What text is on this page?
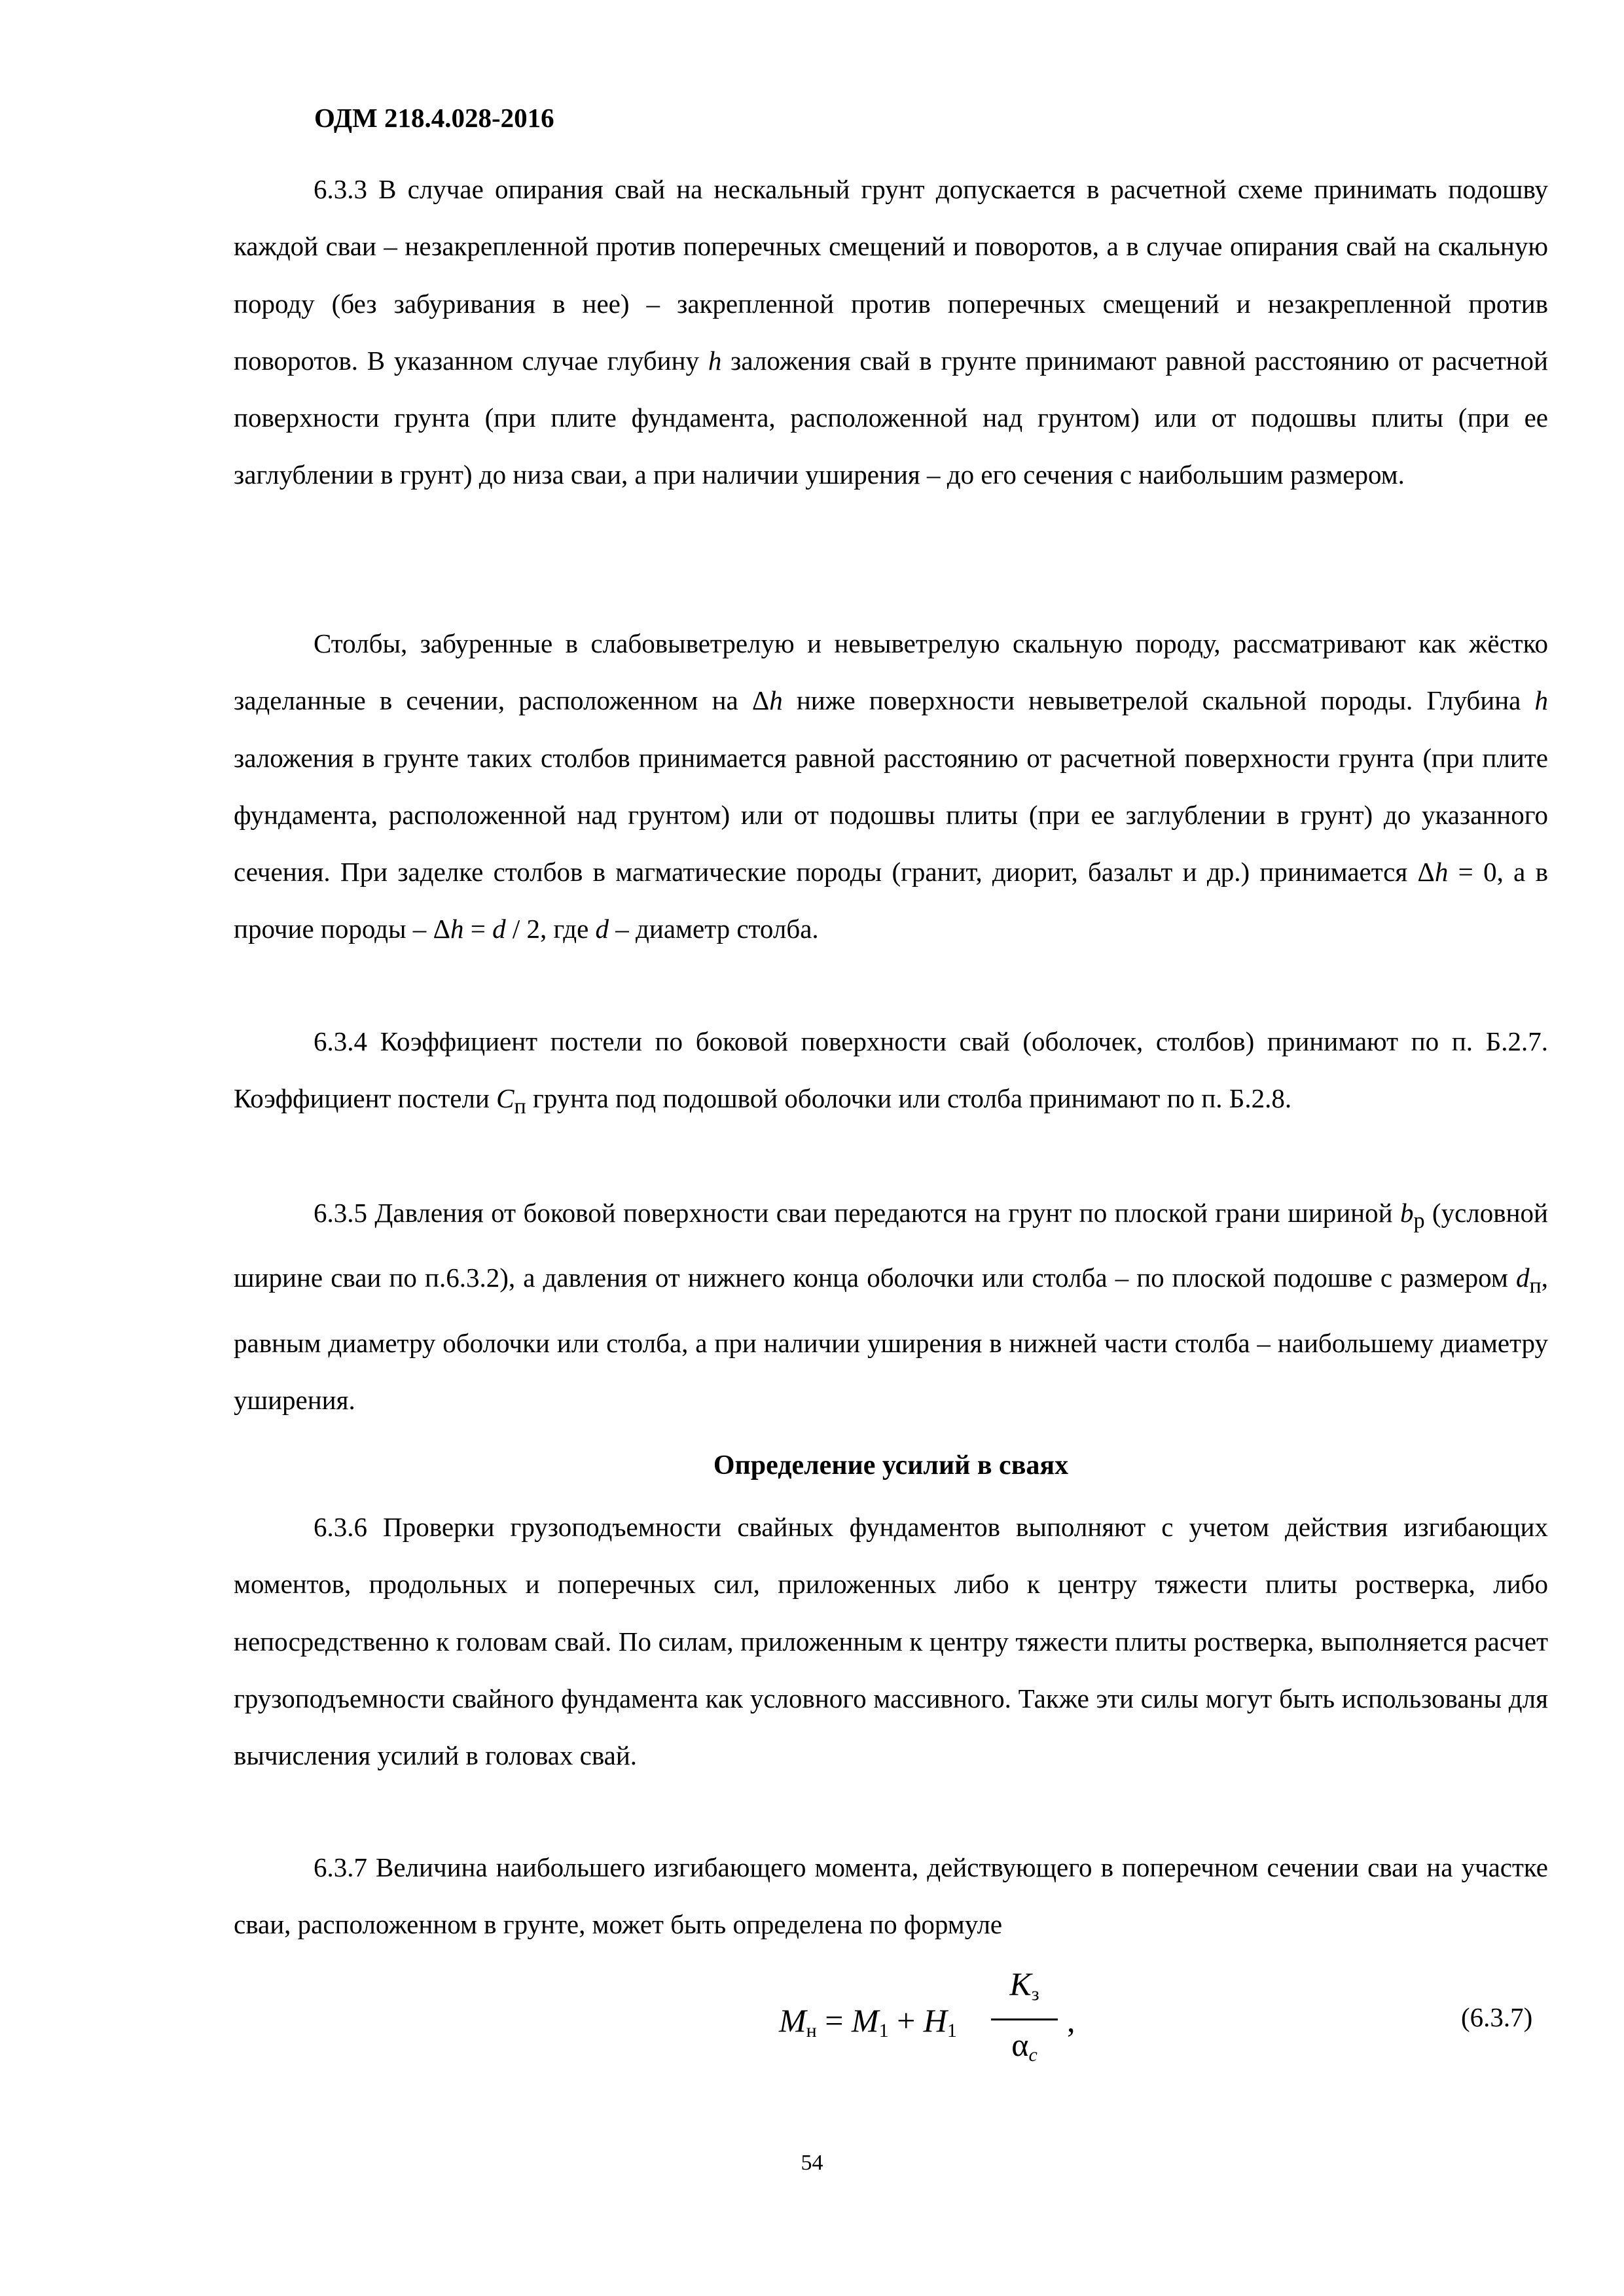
ОДМ 218.4.028-2016

6.3.3 В случае опирания свай на нескальный грунт допускается в расчетной схеме принимать подошву каждой сваи – незакрепленной против поперечных смещений и поворотов, а в случае опирания свай на скальную породу (без забуривания в нее) – закрепленной против поперечных смещений и незакрепленной против поворотов. В указанном случае глубину h заложения свай в грунте принимают равной расстоянию от расчетной поверхности грунта (при плите фундамента, расположенной над грунтом) или от подошвы плиты (при ее заглублении в грунт) до низа сваи, а при наличии уширения – до его сечения с наибольшим размером.

Столбы, забуренные в слабовыветрелую и невыветрелую скальную породу, рассматривают как жёстко заделанные в сечении, расположенном на Δh ниже поверхности невыветрелой скальной породы. Глубина h заложения в грунте таких столбов принимается равной расстоянию от расчетной поверхности грунта (при плите фундамента, расположенной над грунтом) или от подошвы плиты (при ее заглублении в грунт) до указанного сечения. При заделке столбов в магматические породы (гранит, диорит, базальт и др.) принимается Δh = 0, а в прочие породы – Δh = d / 2, где d – диаметр столба.

6.3.4 Коэффициент постели по боковой поверхности свай (оболочек, столбов) принимают по п. Б.2.7. Коэффициент постели $C_п$ грунта под подошвой оболочки или столба принимают по п. Б.2.8.

6.3.5 Давления от боковой поверхности сваи передаются на грунт по плоской грани шириной $b_р$ (условной ширине сваи по п.6.3.2), а давления от нижнего конца оболочки или столба – по плоской подошве с размером $d_п$, равным диаметру оболочки или столба, а при наличии уширения в нижней части столба – наибольшему диаметру уширения.

Определение усилий в сваях

6.3.6 Проверки грузоподъемности свайных фундаментов выполняют с учетом действия изгибающих моментов, продольных и поперечных сил, приложенных либо к центру тяжести плиты ростверка, либо непосредственно к головам свай. По силам, приложенным к центру тяжести плиты ростверка, выполняется расчет грузоподъемности свайного фундамента как условного массивного. Также эти силы могут быть использованы для вычисления усилий в головах свай.

6.3.7 Величина наибольшего изгибающего момента, действующего в поперечном сечении сваи на участке сваи, расположенном в грунте, может быть определена по формуле

$M_н = M_1 + H_1$
$K_з$
$\alpha_c$
,	(6.3.7)
54
